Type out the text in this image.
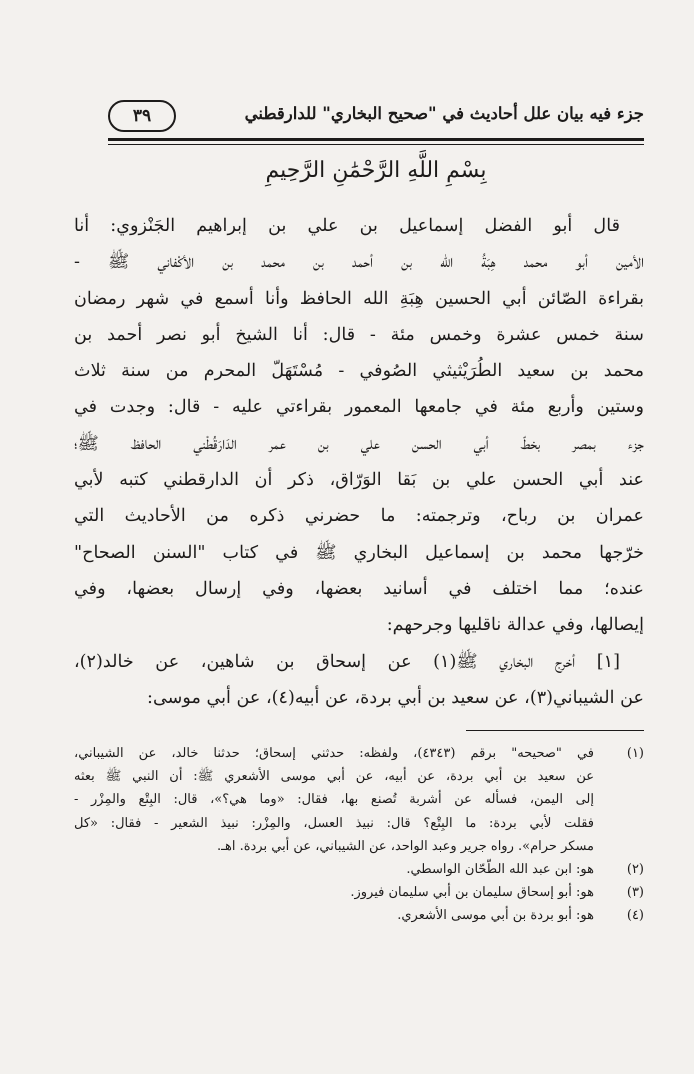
جزء فيه بيان علل أحاديث في "صحيح البخاري" للدارقطني
٣٩
بِسْمِ اللَّهِ الرَّحْمَٰنِ الرَّحِيمِ
قال أبو الفضل إسماعيل بن علي بن إبراهيم الجَنْزوي: أنا
الأمين أبو محمد هِبَةُ الله بن أحمد بن محمد بن الأكْفاني ﷺ -
بقراءة الصّائن أبي الحسين هِبَةِ الله الحافظ وأنا أسمع في شهر رمضان
سنة خمس عشرة وخمس مئة - قال: أنا الشيخ أبو نصر أحمد بن
محمد بن سعيد الطُرَيْثيثي الصُوفي - مُسْتَهَلّ المحرم من سنة ثلاث
وستين وأربع مئة في جامعها المعمور بقراءتي عليه - قال: وجدت في
جزء بمصر بخطّ أبي الحسن علي بن عمر الدَارَقُطْني الحافظ ﷺ؛
عند أبي الحسن علي بن بَقا الوَرّاق، ذكر أن الدارقطني كتبه لأبي
عمران بن رباح، وترجمته: ما حضرني ذكره من الأحاديث التي
خرّجها محمد بن إسماعيل البخاري ﷺ في كتاب "السنن الصحاح"
عنده؛ مما اختلف في أسانيد بعضها، وفي إرسال بعضها، وفي
إيصالها، وفي عدالة ناقليها وجرحهم:
[١] أخرج البخاري ﷺ(١) عن إسحاق بن شاهين، عن خالد(٢)،
عن الشيباني(٣)، عن سعيد بن أبي بردة، عن أبيه(٤)، عن أبي موسى:
(١)
في "صحيحه" برقم (٤٣٤٣)، ولفظه: حدثني إسحاق؛ حدثنا خالد، عن الشيباني،
عن سعيد بن أبي بردة، عن أبيه، عن أبي موسى الأشعري ﷺ: أن النبي ﷺ بعثه
إلى اليمن، فسأله عن أشربة تُصنع بها، فقال: «وما هي؟»، قال: البِتْع والمِزْر -
فقلت لأبي بردة: ما البِتْع؟ قال: نبيذ العسل، والمِزْر: نبيذ الشعير - فقال: «كل
مسكر حرام». رواه جرير وعبد الواحد، عن الشيباني، عن أبي بردة. اهـ.
(٢)
هو: ابن عبد الله الطّحّان الواسطي.
(٣)
هو: أبو إسحاق سليمان بن أبي سليمان فيروز.
(٤)
هو: أبو بردة بن أبي موسى الأشعري.
